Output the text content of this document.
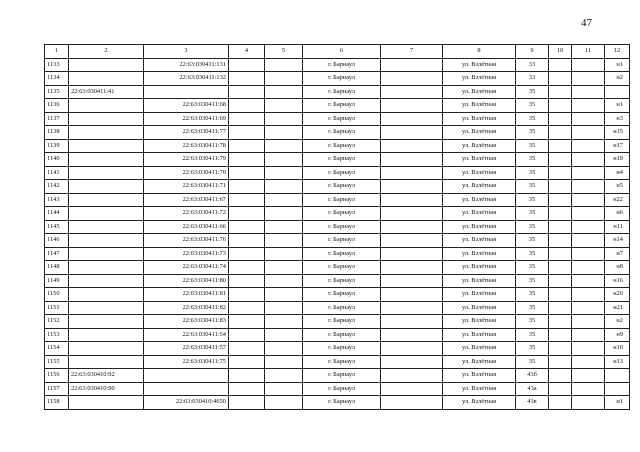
47
1	2	3	4	5	6	7	8	9	10	11	12
1133		22:63:030411:131			г. Барнаул		ул. Взлётная	33			н1
1134		22:63:030411:132			г. Барнаул		ул. Взлётная	33			н2
1135	22:63:030411:41				г. Барнаул		ул. Взлётная	35			
1136		22:63:030411:68			г. Барнаул		ул. Взлётная	35			н1
1137		22:63:030411:69			г. Барнаул		ул. Взлётная	35			н3
1138		22:63:030411:77			г. Барнаул		ул. Взлётная	35			н15
1139		22:63:030411:78			г. Барнаул		ул. Взлётная	35			н17
1140		22:63:030411:79			г. Барнаул		ул. Взлётная	35			н19
1141		22:63:030411:70			г. Барнаул		ул. Взлётная	35			н4
1142		22:63:030411:71			г. Барнаул		ул. Взлётная	35			н5
1143		22:63:030411:67			г. Барнаул		ул. Взлётная	35			н22
1144		22:63:030411:72			г. Барнаул		ул. Взлётная	35			н6
1145		22:63:030411:66			г. Барнаул		ул. Взлётная	35			н11
1146		22:63:030411:76			г. Барнаул		ул. Взлётная	35			н14
1147		22:63:030411:73			г. Барнаул		ул. Взлётная	35			н7
1148		22:63:030411:74			г. Барнаул		ул. Взлётная	35			н8
1149		22:63:030411:80			г. Барнаул		ул. Взлётная	35			н16
1150		22:63:030411:81			г. Барнаул		ул. Взлётная	35			н20
1151		22:63:030411:82			г. Барнаул		ул. Взлётная	35			н21
1152		22:63:030411:83			г. Барнаул		ул. Взлётная	35			н2
1153		22:63:030411:54			г. Барнаул		ул. Взлётная	35			н9
1154		22:63:030411:57			г. Барнаул		ул. Взлётная	35			н10
1155		22:63:030411:75			г. Барнаул		ул. Взлётная	35			н13
1156	22:63:030410:92				г. Барнаул		ул. Взлётная	43б			
1157	22:63:030410:90				г. Барнаул		ул. Взлётная	43а			
1158		22:63:030410:4650			г. Барнаул		ул. Взлётная	43в			н1
